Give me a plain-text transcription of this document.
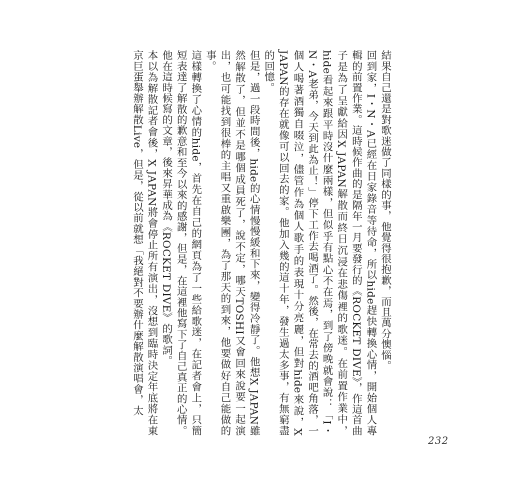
結果自己還是對歌迷做了同樣的事，他覺得很抱歉，而且萬分懊惱。

回到家，I・N・A已經在日家錄音等待命，所以hide趕快轉換心情，開始個人專輯的前置作業。這時候作曲的是隔年一月要發行的《ROCKET DIVE》，作這首曲子是為了呈獻給因X JAPAN解散而終日沉浸在悲傷裡的歌迷。在前置作業中，hide看起來跟平時沒什麼兩樣，但似乎有點心不在焉，到了傍晚就會說：「I・N・A老弟，今天到此為止！」停下工作去喝酒了。然後，在常去的酒吧角落，一個人喝著酒獨自啜泣，儘管作為個人歌手的表現十分亮麗，但對hide來說，X JAPAN的存在就像可以回去的家。他加入幾的這十年，發生過太多事，有無窮盡的回憶。

但是，過一段時間後，hide的心情慢慢緩和下來，變得冷靜了。他想X JAPAN雖然解散了，但並不是哪個成員死了，說不定，哪天TOSHI又會回來說要一起演出，也可能找到很棒的主唱又重啟樂團，為了那天的到來，他要做好自己能做的事。

這樣轉換了心情的hide，首先在自己的網頁為了一些給歌迷，在記者會上，只簡短表達了解散的歉意和至今以來的感謝，但是，在這裡他寫下了自己真正的心情。他在這時候寫的文章，後來昇華成為《ROCKET DIVE》的歌詞。

本以為解散記者會後，X JAPAN將會停止所有演出，沒想到臨時決定年底將在東京巨蛋舉辦解散Live，但是，從以前就想「我絕對不要辦什麼解散演唱會，太

232
